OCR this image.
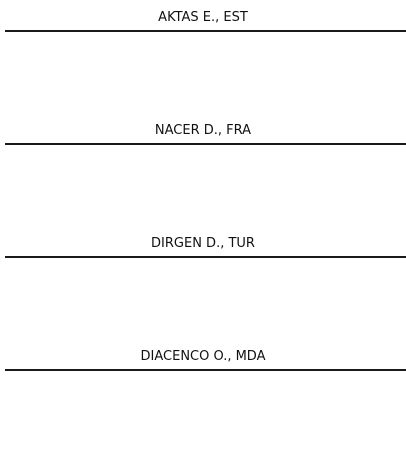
AKTAS E., EST
NACER D., FRA
DIRGEN D., TUR
DIACENCO O., MDA
